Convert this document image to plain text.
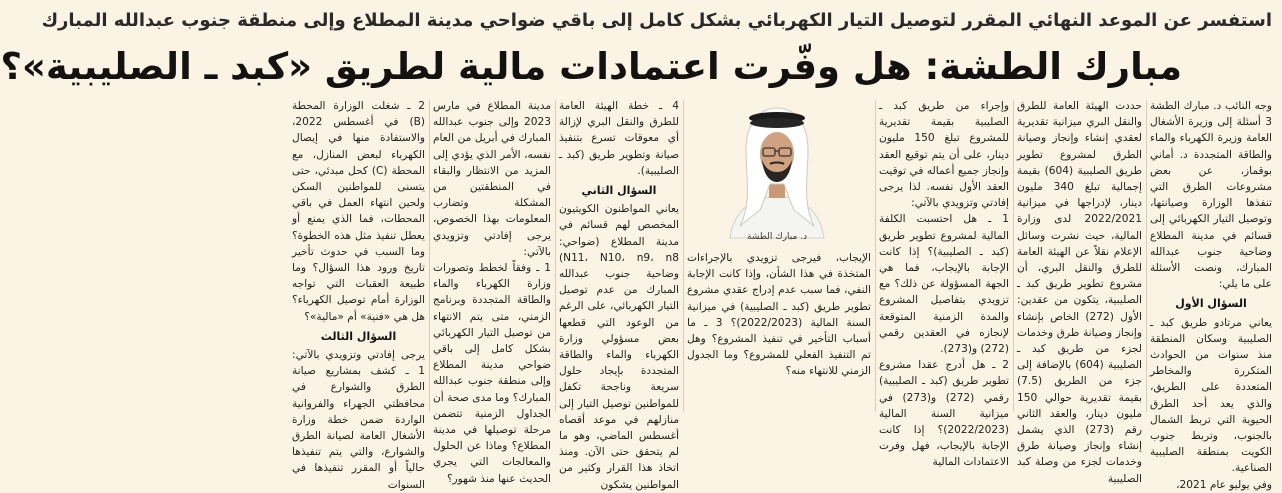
استفسر عن الموعد النهائي المقرر لتوصيل التيار الكهربائي بشكل كامل إلى باقي ضواحي مدينة المطلاع وإلى منطقة جنوب عبدالله المبارك
مبارك الطشة: هل وفّرت اعتمادات مالية لطريق «كبد ـ الصليبية»؟

وجه النائب د. مبارك الطشة 3 أسئلة إلى وزيرة الأشغال العامة وزيرة الكهرباء والماء والطاقة المتجددة د. أماني بوقماز، عن بعض مشروعات الطرق التي تنفذها الوزارة وصيانتها، وتوصيل التيار الكهربائي إلى قسائم في مدينة المطلاع وضاحية جنوب عبدالله المبارك، ونصت الأسئلة على ما يلي:

السؤال الأول

يعاني مرتادو طريق كبد ـ الصليبية وسكان المنطقة منذ سنوات من الحوادث المتكررة والمخاطر المتعددة على الطريق، والذي يعد أحد الطرق الحيوية التي تربط الشمال بالجنوب، وتربط جنوب الكويت بمنطقة الصليبية الصناعية.

وفي يوليو عام 2021،

حددت الهيئة العامة للطرق والنقل البري ميزانية تقديرية لعقدي إنشاء وإنجاز وصيانة الطرق لمشروع تطوير طريق الصليبية (604) بقيمة إجمالية تبلغ 340 مليون دينار، لإدراجها في ميزانية 2022/2021 لدى وزارة المالية، حيث نشرت وسائل الإعلام نقلاً عن الهيئة العامة للطرق والنقل البري، أن مشروع تطوير طريق كبد ـ الصليبية، يتكون من عقدين: الأول (272) الخاص بإنشاء وإنجاز وصيانة طرق وخدمات لجزء من طريق كبد ـ الصليبية (604) بالإضافة إلى جزء من الطريق (7.5) بقيمة تقديرية حوالي 150 مليون دينار، والعقد الثاني رقم (273) الذي يشمل إنشاء وإنجاز وصيانة طرق وخدمات لجزء من وصلة كبد الصليبية

وإجراء من طريق كبد ـ الصليبية بقيمة تقديرية للمشروع تبلغ 150 مليون دينار، على أن يتم توقيع العقد وإنجاز جميع أعماله في توقيت العقد الأول نفسه. لذا يرجى إفادتي وتزويدي بالآتي:

1 ـ هل احتسبت الكلفة المالية لمشروع تطوير طريق (كبد ـ الصليبية)؟ إذا كانت الإجابة بالإيجاب، فما هي الجهة المسؤولة عن ذلك؟ مع تزويدي بتفاصيل المشروع والمدة الزمنية المتوقعة لإنجازه في العقدين رقمي (272) و(273).

2 ـ هل أدرج عقدا مشروع تطوير طريق (كبد ـ الصليبية) رقمي (272) و(273) في ميزانية السنة المالية (2022/2023)؟ إذا كانت الإجابة بالإيجاب، فهل وفرت الاعتمادات المالية

د. مبارك الطشة

الإيجاب، فيرجى تزويدي بالإجراءات المتخذة في هذا الشأن، وإذا كانت الإجابة النفي، فما سبب عدم إدراج عقدي مشروع تطوير طريق (كبد ـ الصليبية) في ميزانية السنة المالية (2022/2023)؟ 3 ـ ما أسباب التأخير في تنفيذ المشروع؟ وهل تم التنفيذ الفعلي للمشروع؟ وما الجدول الزمني للانتهاء منه؟

4 ـ خطة الهيئة العامة للطرق والنقل البري لإزالة أي معوقات تسرع بتنفيذ صيانة وتطوير طريق (كبد ـ الصليبية).

السؤال الثاني

يعاني المواطنون الكويتيون المخصص لهم قسائم في مدينة المطلاع (ضواحي: N11، N10، n9، n8) وضاحية جنوب عبدالله المبارك من عدم توصيل التيار الكهربائي، على الرغم من الوعود التي قطعها بعض مسؤولي وزارة الكهرباء والماء والطاقة المتجددة بإيجاد حلول سريعة وناجحة تكفل للمواطنين توصيل التيار إلى منازلهم في موعد أقصاه أغسطس الماضي، وهو ما لم يتحقق حتى الآن. ومنذ اتخاذ هذا القرار وكثير من المواطنين يشكون

مدينة المطلاع في مارس 2023 وإلى جنوب عبدالله المبارك في أبريل من العام نفسه، الأمر الذي يؤدي إلى المزيد من الانتظار والبقاء في المنطقتين من المشكلة وتضارب المعلومات بهذا الخصوص، يرجى إفادتي وتزويدي بالآتي:

1 ـ وفقاً لخطط وتصورات وزارة الكهرباء والماء والطاقة المتجددة وبرنامج الزمني، متى يتم الانتهاء من توصيل التيار الكهربائي بشكل كامل إلى باقي ضواحي مدينة المطلاع وإلى منطقة جنوب عبدالله المبارك؟ وما مدى صحة أن الجداول الزمنية تتضمن مرحلة توصيلها في مدينة المطلاع؟ وماذا عن الحلول والمعالجات التي يجري الحديث عنها منذ شهور؟

2 ـ شغلت الوزارة المحطة (B) في أغسطس 2022، والاستفادة منها في إيصال الكهرباء لبعض المنازل، مع المحطة (C) كحل مبدئي، حتى يتسنى للمواطنين السكن ولحين انتهاء العمل في باقي المحطات، فما الذي يمنع أو يعطل تنفيذ مثل هذه الخطوة؟ وما السبب في حدوث تأخير تاريخ ورود هذا السؤال؟ وما طبيعة العقبات التي تواجه الوزارة أمام توصيل الكهرباء؟ هل هي «فنية» أم «مالية»؟

السؤال الثالث

يرجى إفادتي وتزويدي بالآتي: 1 ـ كشف بمشاريع صيانة الطرق والشوارع في محافظتي الجهراء والفروانية الواردة ضمن خطة وزارة الأشغال العامة لصيانة الطرق والشوارع، والتي يتم تنفيذها حالياً أو المقرر تنفيذها في السنوات
